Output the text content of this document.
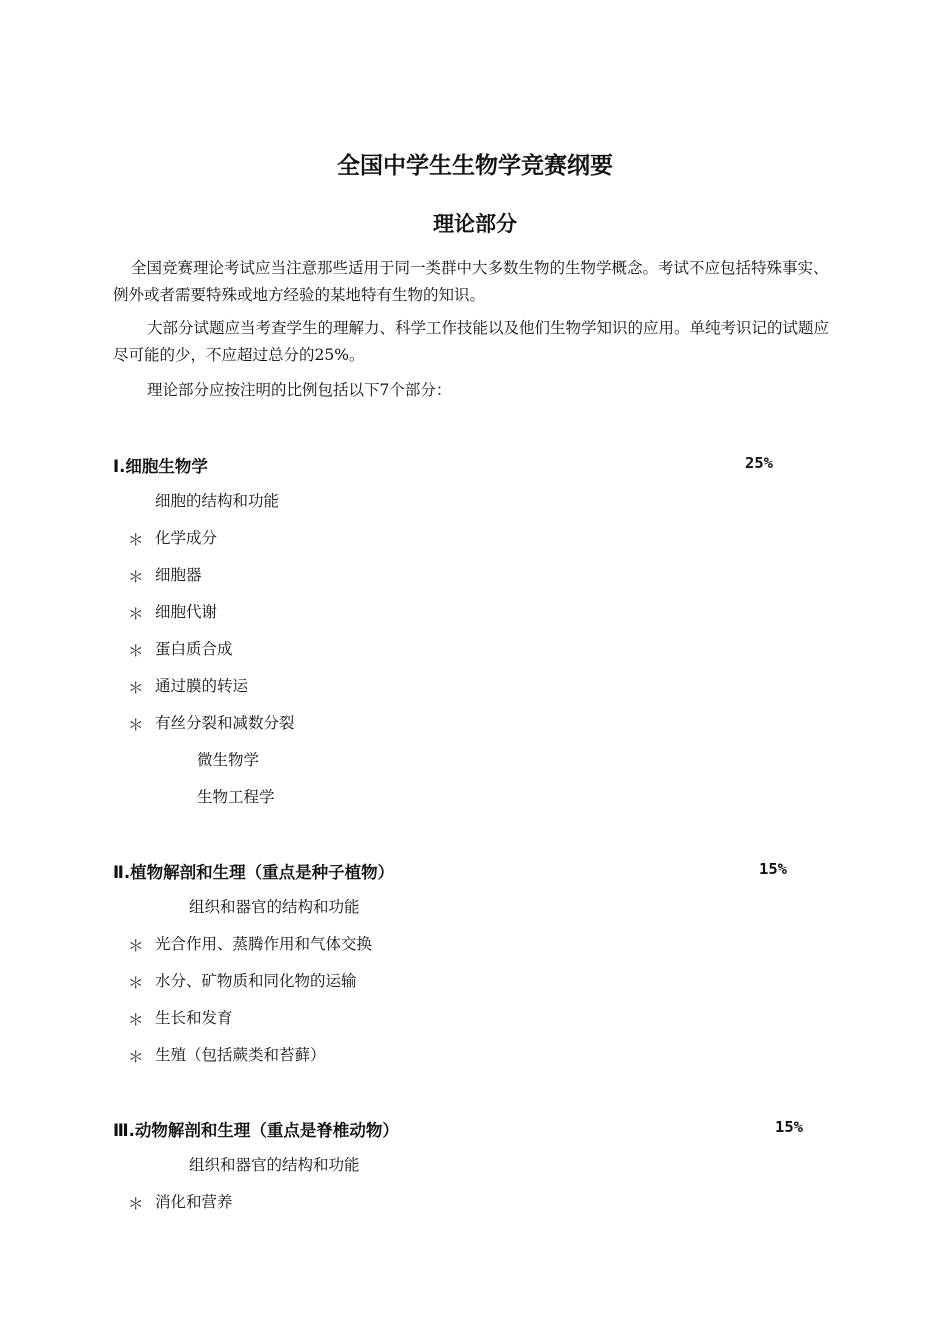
全国中学生生物学竞赛纲要
理论部分
全国竞赛理论考试应当注意那些适用于同一类群中大多数生物的生物学概念。考试不应包括特殊事实、例外或者需要特殊或地方经验的某地特有生物的知识。
大部分试题应当考查学生的理解力、科学工作技能以及他们生物学知识的应用。单纯考识记的试题应尽可能的少，不应超过总分的25%。
理论部分应按注明的比例包括以下7个部分：
Ⅰ.细胞生物学	25%
细胞的结构和功能
＊ 化学成分
＊ 细胞器
＊ 细胞代谢
＊ 蛋白质合成
＊ 通过膜的转运
＊ 有丝分裂和减数分裂
微生物学
生物工程学
Ⅱ.植物解剖和生理（重点是种子植物）	15%
组织和器官的结构和功能
＊ 光合作用、蒸腾作用和气体交换
＊ 水分、矿物质和同化物的运输
＊ 生长和发育
＊ 生殖（包括蕨类和苔藓）
Ⅲ.动物解剖和生理（重点是脊椎动物）	15%
组织和器官的结构和功能
＊ 消化和营养
